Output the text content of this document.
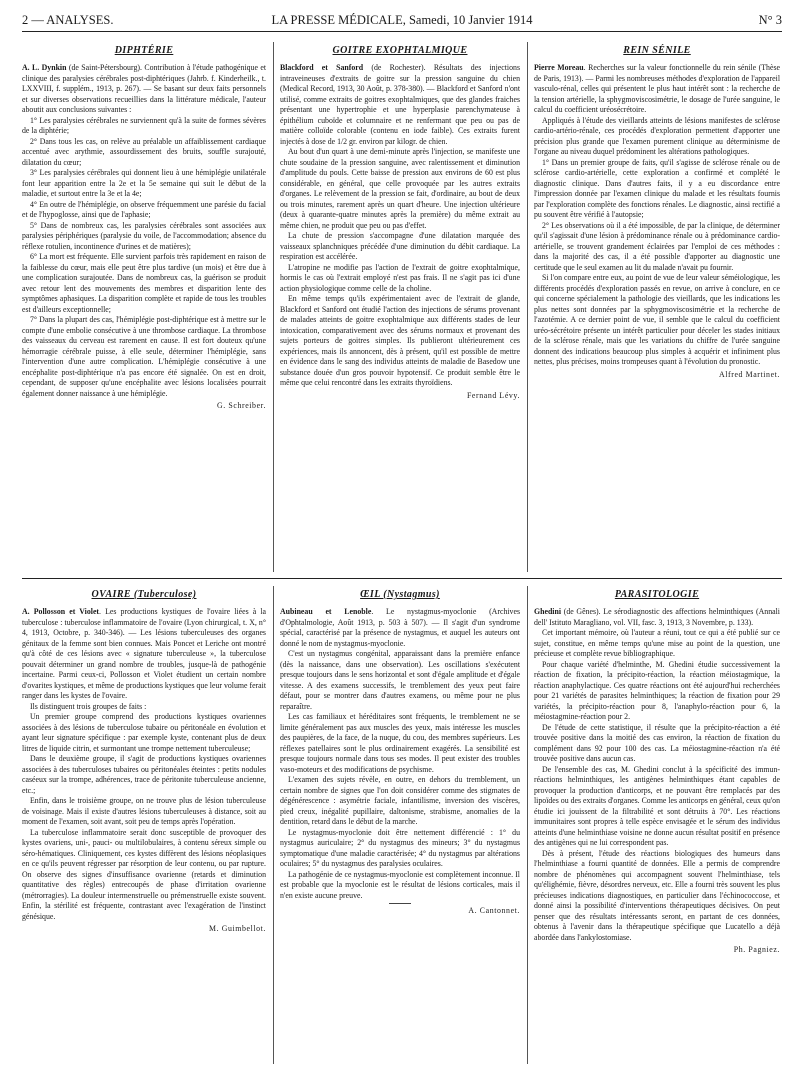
2 — ANALYSES.	LA PRESSE MÉDICALE, Samedi, 10 Janvier 1914	N° 3
DIPHTÉRIE

A. L. Dynkin (de Saint-Pétersbourg). Contribution à l'étude pathogénique et clinique des paralysies cérébrales post-diphtériques (Jahrb. f. Kinderheilk., t. LXXVIII, f. supplém., 1913, p. 267). — Se basant sur deux faits personnels et sur diverses observations recueillies dans la littérature médicale, l'auteur aboutit aux conclusions suivantes :

1° Les paralysies cérébrales ne surviennent qu'à la suite de formes sévères de la diphtérie;

2° Dans tous les cas, on relève au préalable un affaiblissement cardiaque accentué avec arythmie, assourdissement des bruits, souffle surajouté, dilatation du cœur;

3° Les paralysies cérébrales qui donnent lieu à une hémiplégie unilatérale font leur apparition entre la 2e et la 5e semaine qui suit le début de la maladie, et surtout entre la 3e et la 4e;

4° En outre de l'hémiplégie, on observe fréquemment une parésie du facial et de l'hypoglosse, ainsi que de l'aphasie;

5° Dans de nombreux cas, les paralysies cérébrales sont associées aux paralysies périphériques (paralysie du voile, de l'accommodation; absence du réflexe rotulien, incontinence d'urines et de matières);

6° La mort est fréquente. Elle survient parfois très rapidement en raison de la faiblesse du cœur, mais elle peut être plus tardive (un mois) et être due à une complication surajoutée. Dans de nombreux cas, la guérison se produit avec retour lent des mouvements des membres et disparition lente des symptômes aphasiques. La disparition complète et rapide de tous les troubles est d'ailleurs exceptionnelle;

7° Dans la plupart des cas, l'hémiplégie post-diphtérique est à mettre sur le compte d'une embolie consécutive à une thrombose cardiaque. La thrombose des vaisseaux du cerveau est rarement en cause. Il est fort douteux qu'une hémorragie cérébrale puisse, à elle seule, déterminer l'hémiplégie, sans l'intervention d'une autre complication. L'hémiplégie consécutive à une encéphalite post-diphtérique n'a pas encore été signalée. On est en droit, cependant, de supposer qu'une encéphalite avec lésions localisées pourrait également donner naissance à une hémiplégie.

G. Schreiber.
GOITRE EXOPHTALMIQUE

Blackford et Sanford (de Rochester). Résultats des injections intraveineuses d'extraits de goitre sur la pression sanguine du chien (Medical Record, 1913, 30 Août, p. 378-380). — Blackford et Sanford n'ont utilisé, comme extraits de goitres exophtalmiques, que des glandes fraiches présentant une hypertrophie et une hyperplasie parenchymateuse à épithélium cuboïde et columnaire et ne renfermant que peu ou pas de matière colloïde colorable (contenu en iode faible). Ces extraits furent injectés à dose de 1/2 gr. environ par kilogr. de chien.

Au bout d'un quart à une demi-minute après l'injection, se manifeste une chute soudaine de la pression sanguine, avec ralentissement et diminution d'amplitude du pouls. Cette baisse de pression aux environs de 60 est plus considérable, en général, que celle provoquée par les autres extraits d'organes. Le relèvement de la pression se fait, d'ordinaire, au bout de deux ou trois minutes, rarement après un quart d'heure. Une injection ultérieure (deux à quarante-quatre minutes après la première) du même extrait au même chien, ne produit que peu ou pas d'effet.

La chute de pression s'accompagne d'une dilatation marquée des vaisseaux splanchniques précédée d'une diminution du débit cardiaque. La respiration est accélérée.

L'atropine ne modifie pas l'action de l'extrait de goitre exophtalmique, hormis le cas où l'extrait employé n'est pas frais. Il ne s'agit pas ici d'une action physiologique comme celle de la choline.

En même temps qu'ils expérimentaient avec de l'extrait de glande, Blackford et Sanford ont étudié l'action des injections de sérums provenant de malades atteints de goitre exophtalmique aux différents stades de leur intoxication, comparativement avec des sérums normaux et provenant des sujets porteurs de goitres simples. Ils publieront ultérieurement ces expériences, mais ils annoncent, dès à présent, qu'il est possible de mettre en évidence dans le sang des individus atteints de maladie de Basedow une substance douée d'un gros pouvoir hypotensif. Ce produit semble être le même que celui rencontré dans les extraits thyroïdiens.

Fernand Lévy.
REIN SÉNILE

Pierre Moreau. Recherches sur la valeur fonctionnelle du rein sénile (Thèse de Paris, 1913). — Parmi les nombreuses méthodes d'exploration de l'appareil vasculo-rénal, celles qui présentent le plus haut intérêt sont : la recherche de la tension artérielle, la sphygmoviscosimétrie, le dosage de l'urée sanguine, le calcul du coefficient uréosécrétoire.

Appliqués à l'étude des vieillards atteints de lésions manifestes de sclérose cardio-artério-rénale, ces procédés d'exploration permettent d'apporter une précision plus grande que l'examen purement clinique au déterminisme de l'organe au niveau duquel prédominent les altérations pathologiques.

1° Dans un premier groupe de faits, qu'il s'agisse de sclérose rénale ou de sclérose cardio-artérielle, cette exploration a confirmé et complété le diagnostic clinique. Dans d'autres faits, il y a eu discordance entre l'impression donnée par l'examen clinique du malade et les résultats fournis par l'exploration complète des fonctions rénales. Le diagnostic, ainsi rectifié a pu souvent être vérifié à l'autopsie;

2° Les observations où il a été impossible, de par la clinique, de déterminer qu'il s'agissait d'une lésion à prédominance rénale ou à prédominance cardio-artérielle, se trouvent grandement éclairées par l'emploi de ces méthodes : dans la majorité des cas, il a été possible d'apporter au diagnostic une certitude que le seul examen au lit du malade n'avait pu fournir.

Si l'on compare entre eux, au point de vue de leur valeur séméiologique, les différents procédés d'exploration passés en revue, on arrive à conclure, en ce qui concerne spécialement la pathologie des vieillards, que les indications les plus nettes sont données par la sphygmoviscosimétrie et la recherche de l'azotémie. A ce dernier point de vue, il semble que le calcul du coefficient uréo-sécrétoire présente un intérêt particulier pour déceler les stades initiaux de la sclérose rénale, mais que les variations du chiffre de l'urée sanguine donnent des indications beaucoup plus simples à acquérir et infiniment plus nettes, plus précises, moins trompeuses quant à l'évolution du pronostic.

Alfred Martinet.
OVAIRE (Tuberculose)

A. Pollosson et Violet. Les productions kystiques de l'ovaire liées à la tuberculose : tuberculose inflammatoire de l'ovaire (Lyon chirurgical, t. X, n° 4, 1913, Octobre, p. 340-346). — Les lésions tuberculeuses des organes génitaux de la femme sont bien connues. Mais Poncet et Leriche ont montré qu'à côté de ces lésions avec « signature tuberculeuse », la tuberculose pouvait déterminer un grand nombre de troubles, jusque-là de pathogénie incertaine. Parmi ceux-ci, Pollosson et Violet étudient un certain nombre d'ovarites kystiques, et même de productions kystiques que leur volume ferait ranger dans les kystes de l'ovaire.

Ils distinguent trois groupes de faits :

Un premier groupe comprend des productions kystiques ovariennes associées à des lésions de tuberculose tubaire ou péritonéale en évolution et ayant leur signature spécifique : par exemple kyste, contenant plus de deux litres de liquide citrin, et surmontant une trompe nettement tuberculeuse;

Dans le deuxième groupe, il s'agit de productions kystiques ovariennes associées à des tuberculoses tubaires ou péritonéales éteintes : petits nodules caséeux sur la trompe, adhérences, trace de péritonite tuberculeuse ancienne, etc.;

Enfin, dans le troisième groupe, on ne trouve plus de lésion tuberculeuse de voisinage. Mais il existe d'autres lésions tuberculeuses à distance, soit au moment de l'examen, soit avant, soit peu de temps après l'opération.

La tuberculose inflammatoire serait donc susceptible de provoquer des kystes ovariens, uni-, pauci- ou multilobulaires, à contenu séreux simple ou séro-hématiques. Cliniquement, ces kystes diffèrent des lésions néoplasiques en ce qu'ils peuvent régresser par résorption de leur contenu, ou par rupture. On observe des signes d'insuffisance ovarienne (retards et diminution quantitative des règles) entrecoupés de phase d'irritation ovarienne (métrorragies). La douleur intermenstruelle ou prémenstruelle existe souvent. Enfin, la stérilité est fréquente, contrastant avec l'exagération de l'instinct génésique.

M. Guimbellot.
ŒIL (Nystagmus)

Aubineau et Lenoble. Le nystagmus-myoclonie (Archives d'Ophtalmologie, Août 1913, p. 503 à 507). — Il s'agit d'un syndrome spécial, caractérisé par la présence de nystagmus, et auquel les auteurs ont donné le nom de nystagmus-myoclonie.

C'est un nystagmus congénital, apparaissant dans la première enfance (dès la naissance, dans une observation). Les oscillations s'exécutent presque toujours dans le sens horizontal et sont d'égale amplitude et d'égale vitesse. A des examens successifs, le tremblement des yeux peut faire défaut, pour se montrer dans d'autres examens, ou même pour ne plus reparaître.

Les cas familiaux et héréditaires sont fréquents, le tremblement ne se limite généralement pas aux muscles des yeux, mais intéresse les muscles des paupières, de la face, de la nuque, du cou, des membres supérieurs. Les réflexes patellaires sont le plus ordinairement exagérés. La sensibilité est presque toujours normale dans tous ses modes. Il peut exister des troubles vaso-moteurs et des modifications de psychisme.

L'examen des sujets révèle, en outre, en dehors du tremblement, un certain nombre de signes que l'on doit considérer comme des stigmates de dégénérescence : asymétrie faciale, infantilisme, inversion des viscères, pied creux, inégalité pupillaire, daltonisme, strabisme, anomalies de la dentition, retard dans le début de la marche.

Le nystagmus-myoclonie doit être nettement différencié : 1° du nystagmus auriculaire; 2° du nystagmus des mineurs; 3° du nystagmus symptomatique d'une maladie caractérisée; 4° du nystagmus par altérations oculaires; 5° du nystagmus des paralysies oculaires.

La pathogénie de ce nystagmus-myoclonie est complètement inconnue. Il est probable que la myoclonie est le résultat de lésions corticales, mais il n'en existe aucune preuve.

A. Cantonnet.
PARASITOLOGIE

Ghedini (de Gênes). Le sérodiagnostic des affections helminthiques (Annali dell' Istituto Maragliano, vol. VII, fasc. 3, 1913, 3 Novembre, p. 133).

Cet important mémoire, où l'auteur a réuni, tout ce qui a été publié sur ce sujet, constitue, en même temps qu'une mise au point de la question, une précieuse et complète revue bibliographique.

Pour chaque variété d'helminthe, M. Ghedini étudie successivement la réaction de fixation, la précipito-réaction, la réaction méiostagmique, la réaction anaphylactique. Ces quatre réactions ont été aujourd'hui recherchées pour 21 variétés de parasites helminthiques; la réaction de fixation pour 29 variétés, la précipito-réaction pour 8, l'anaphylo-réaction pour 6, la méiostagmine-réaction pour 2.

De l'étude de cette statistique, il résulte que la précipito-réaction a été trouvée positive dans la moitié des cas environ, la réaction de fixation du complément dans 92 pour 100 des cas. La méiostagmine-réaction n'a été trouvée positive dans aucun cas.

De l'ensemble des cas, M. Ghedini conclut à la spécificité des immun-réactions helminthiques, les antigènes helminthiques étant capables de provoquer la production d'anticorps, et ne pouvant être remplacés par des lipoïdes ou des extraits d'organes. Comme les anticorps en général, ceux qu'on étudie ici jouissent de la filtrabilité et sont détruits à 70°. Les réactions immunitaires sont propres à telle espèce envisagée et le sérum des individus atteints d'une helminthiase voisine ne donne aucun résultat positif en présence des antigènes qui ne lui correspondent pas.

Dès à présent, l'étude des réactions biologiques des humeurs dans l'helminthiase a fourni quantité de données. Elle a permis de comprendre nombre de phénomènes qui accompagnent souvent l'helminthiase, tels qu'élighémie, fièvre, désordres nerveux, etc. Elle a fourni très souvent les plus précieuses indications diagnostiques, en particulier dans l'échinococcose, et donné ainsi la possibilité d'interventions thérapeutiques décisives. On peut penser que des résultats intéressants seront, en partant de ces données, obtenus à l'avenir dans la thérapeutique spécifique que Lucatello a déjà abordée dans l'ankylostomiase.

Ph. Pagniez.
